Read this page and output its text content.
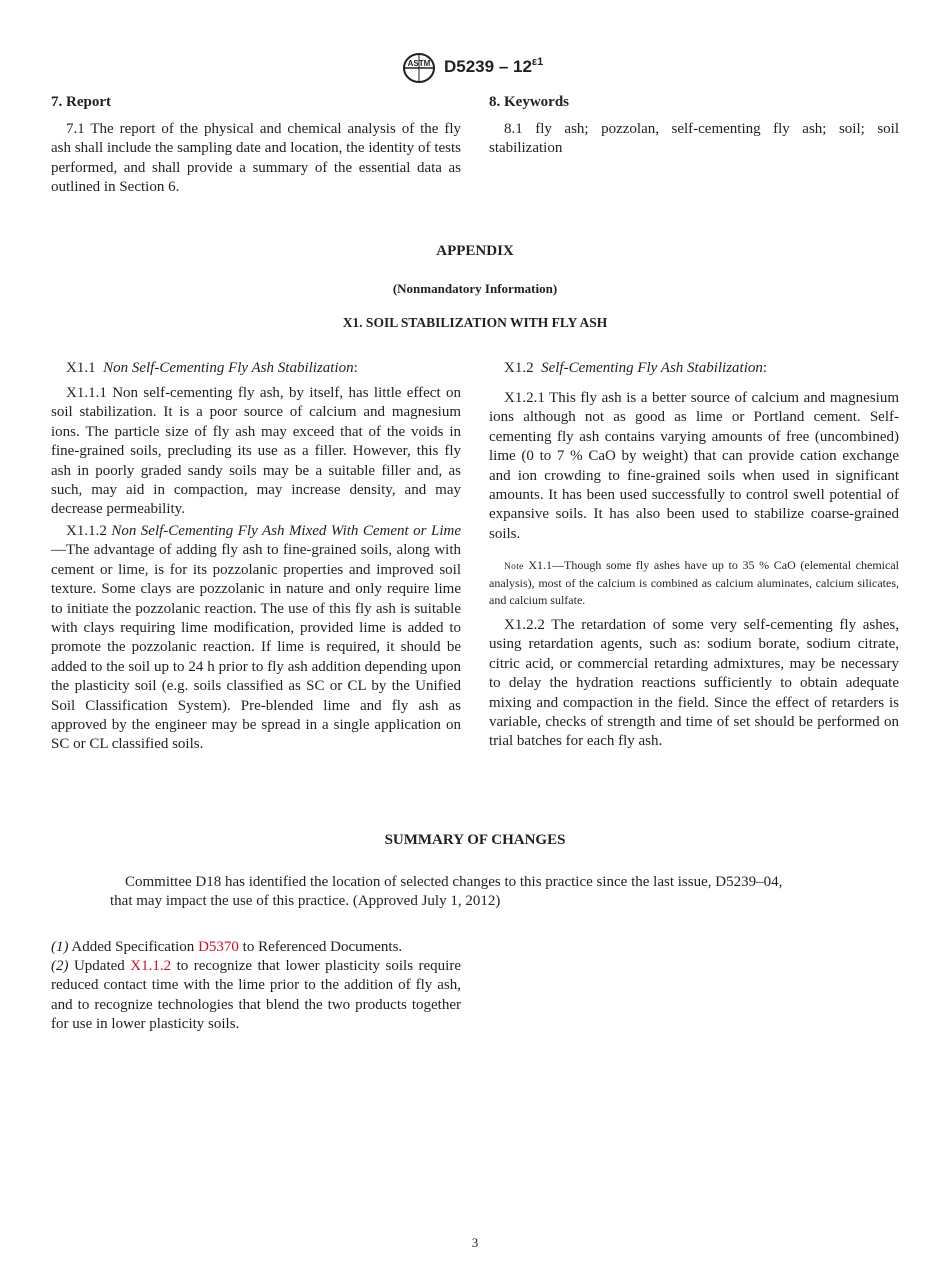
ASTM $D5239 - 12^{\varepsilon 1}$

7. Report

7.1 The report of the physical and chemical analysis of the fly ash shall include the sampling date and location, the identity of tests performed, and shall provide a summary of the essential data as outlined in Section 6.

8. Keywords

8.1 fly ash; pozzolan, self-cementing fly ash; soil; soil stabilization

APPENDIX

(Nonmandatory Information)

X1. SOIL STABILIZATION WITH FLY ASH

X1.1 Non Self-Cementing Fly Ash Stabilization:

X1.1.1 Non self-cementing fly ash, by itself, has little effect on soil stabilization. It is a poor source of calcium and magnesium ions. The particle size of fly ash may exceed that of the voids in fine-grained soils, precluding its use as a filler. However, this fly ash in poorly graded sandy soils may be a suitable filler and, as such, may aid in compaction, may increase density, and may decrease permeability.

X1.1.2 Non Self-Cementing Fly Ash Mixed With Cement or Lime—The advantage of adding fly ash to fine-grained soils, along with cement or lime, is for its pozzolanic properties and improved soil texture. Some clays are pozzolanic in nature and only require lime to initiate the pozzolanic reaction. The use of this fly ash is suitable with clays requiring lime modification, provided lime is added to promote the pozzolanic reaction. If lime is required, it should be added to the soil up to 24 h prior to fly ash addition depending upon the plasticity soil (e.g. soils classified as SC or CL by the Unified Soil Classification System). Pre-blended lime and fly ash as approved by the engineer may be spread in a single application on SC or CL classified soils.

X1.2 Self-Cementing Fly Ash Stabilization:

X1.2.1 This fly ash is a better source of calcium and magnesium ions although not as good as lime or Portland cement. Self-cementing fly ash contains varying amounts of free (uncombined) lime (0 to 7 % CaO by weight) that can provide cation exchange and ion crowding to fine-grained soils when used in significant amounts. It has been used successfully to control swell potential of expansive soils. It has also been used to stabilize coarse-grained soils.

Note X1.1—Though some fly ashes have up to 35 % CaO (elemental chemical analysis), most of the calcium is combined as calcium aluminates, calcium silicates, and calcium sulfate.

X1.2.2 The retardation of some very self-cementing fly ashes, using retardation agents, such as: sodium borate, sodium citrate, citric acid, or commercial retarding admixtures, may be necessary to delay the hydration reactions sufficiently to obtain adequate mixing and compaction in the field. Since the effect of retarders is variable, checks of strength and time of set should be performed on trial batches for each fly ash.

SUMMARY OF CHANGES

Committee D18 has identified the location of selected changes to this practice since the last issue, D5239–04,

that may impact the use of this practice. (Approved July 1, 2012)

(1) Added Specification D5370 to Referenced Documents.

(2) Updated X1.1.2 to recognize that lower plasticity soils require reduced contact time with the lime prior to the addition of fly ash, and to recognize technologies that blend the two products together for use in lower plasticity soils.

3
